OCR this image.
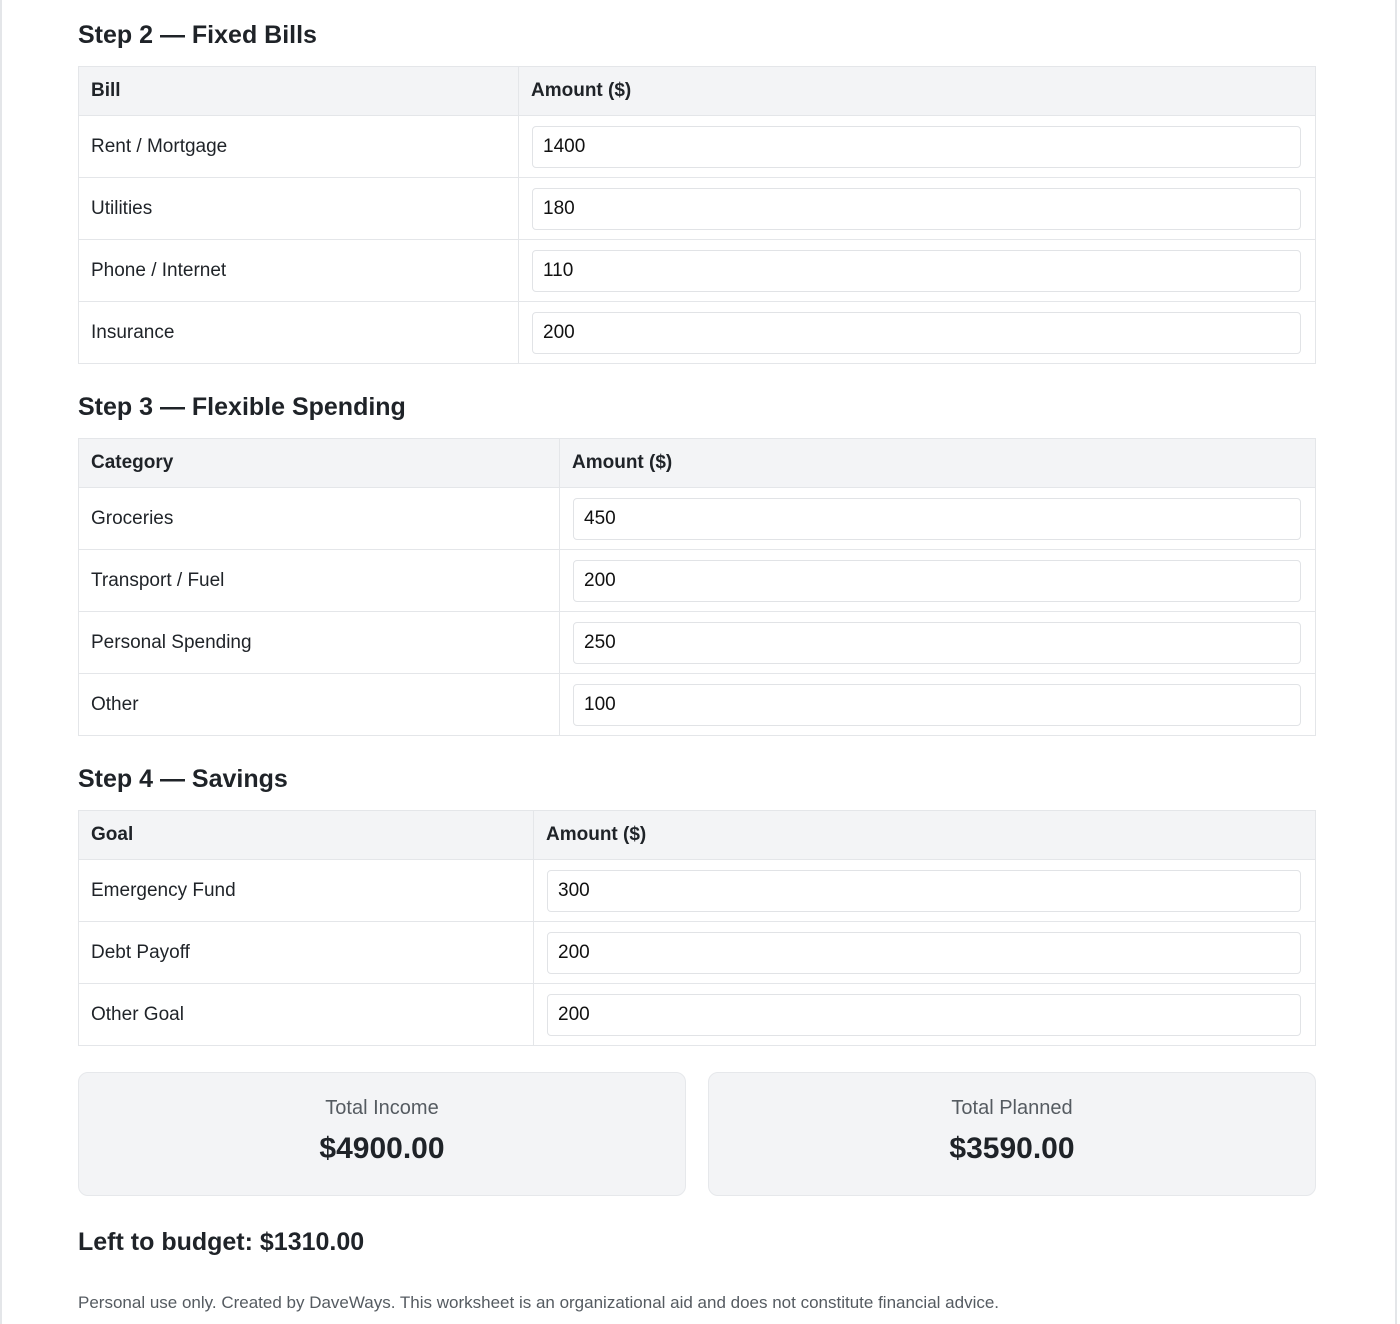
Step 2 — Fixed Bills
Bill	Amount ($)
Rent / Mortgage	1400
Utilities	180
Phone / Internet	110
Insurance	200
Step 3 — Flexible Spending
Category	Amount ($)
Groceries	450
Transport / Fuel	200
Personal Spending	250
Other	100
Step 4 — Savings
Goal	Amount ($)
Emergency Fund	300
Debt Payoff	200
Other Goal	200
Total Income
$4900.00
Total Planned
$3590.00
Left to budget: $1310.00
Personal use only. Created by DaveWays. This worksheet is an organizational aid and does not constitute financial advice.
